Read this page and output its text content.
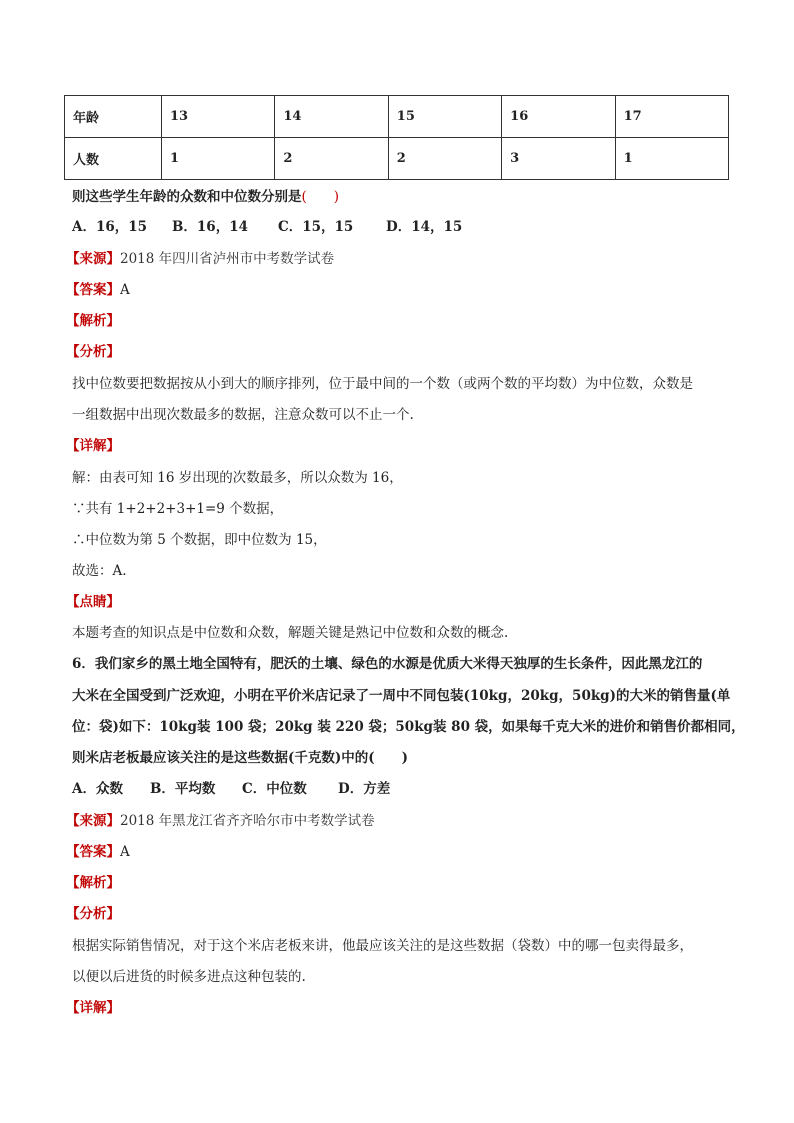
年龄	13	14	15	16	17
人数	1	2	2	3	1
则这些学生年龄的众数和中位数分别是(　　)
A．16，15 B．16，14 C．15，15 D．14，15
【来源】2018 年四川省泸州市中考数学试卷
【答案】A
【解析】
【分析】
找中位数要把数据按从小到大的顺序排列，位于最中间的一个数（或两个数的平均数）为中位数，众数是
一组数据中出现次数最多的数据，注意众数可以不止一个.
【详解】
解：由表可知 16 岁出现的次数最多，所以众数为 16，
∵共有 1+2+2+3+1=9 个数据，
∴中位数为第 5 个数据，即中位数为 15，
故选：A.
【点睛】
本题考查的知识点是中位数和众数，解题关键是熟记中位数和众数的概念.
6．我们家乡的黑土地全国特有，肥沃的土壤、绿色的水源是优质大米得天独厚的生长条件，因此黑龙江的
大米在全国受到广泛欢迎，小明在平价米店记录了一周中不同包装(10kg，20kg，50kg)的大米的销售量(单
位：袋)如下：10kg装 100 袋；20kg 装 220 袋；50kg装 80 袋，如果每千克大米的进价和销售价都相同，
则米店老板最应该关注的是这些数据(千克数)中的(　　)
A．众数 B．平均数 C．中位数 D．方差
【来源】2018 年黑龙江省齐齐哈尔市中考数学试卷
【答案】A
【解析】
【分析】
根据实际销售情况，对于这个米店老板来讲，他最应该关注的是这些数据（袋数）中的哪一包卖得最多，
以便以后进货的时候多进点这种包装的.
【详解】
